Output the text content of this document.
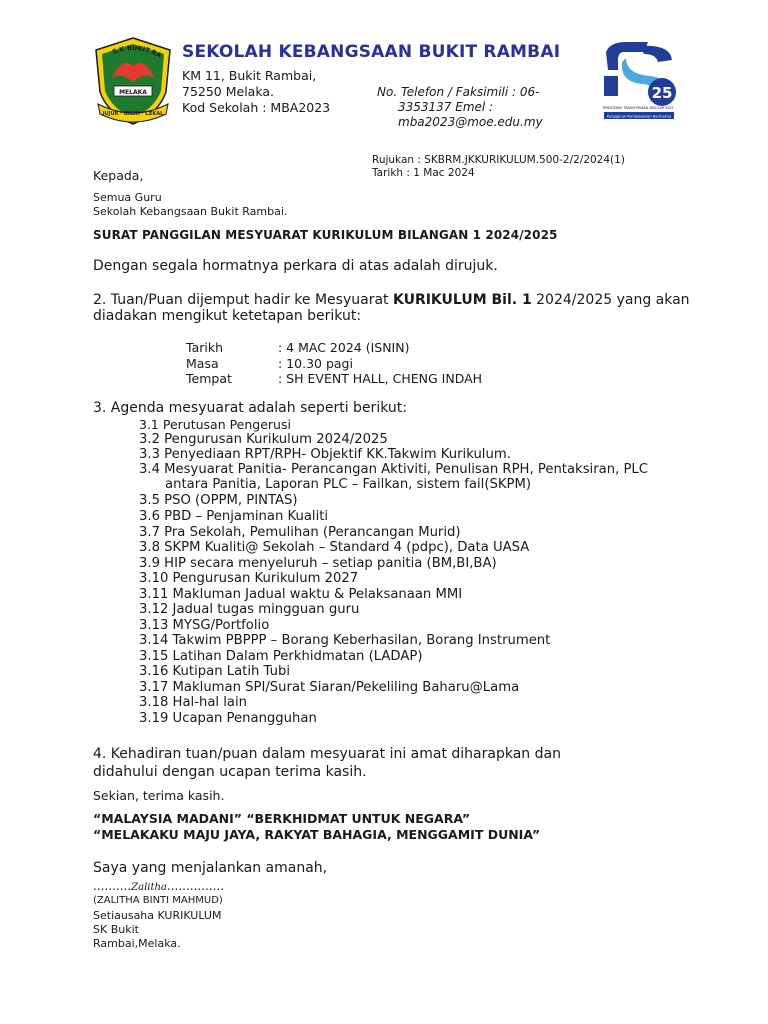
S.K BUKIT RA
MELAKA
JUJUR · GIGIH · CEKAL
25
PENGGERAK TRANSFORMASI SEKOLAH 2025
Penggerak Pembelajaran Bermakna
SEKOLAH KEBANGSAAN BUKIT RAMBAI
KM 11, Bukit Rambai,
75250 Melaka.
Kod Sekolah : MBA2023
No. Telefon / Faksimili : 06-
3353137 Emel :
mba2023@moe.edu.my
Rujukan : SKBRM.JKKURIKULUM.500-2/2/2024(1)
Tarikh : 1 Mac 2024
Kepada,
Semua Guru
Sekolah Kebangsaan Bukit Rambai.
SURAT PANGGILAN MESYUARAT KURIKULUM BILANGAN 1 2024/2025
Dengan segala hormatnya perkara di atas adalah dirujuk.
2. Tuan/Puan dijemput hadir ke Mesyuarat KURIKULUM Bil. 1 2024/2025 yang akan
diadakan mengikut ketetapan berikut:
Tarikh	: 4 MAC 2024 (ISNIN)
Masa	: 10.30 pagi
Tempat	: SH EVENT HALL, CHENG INDAH
3. Agenda mesyuarat adalah seperti berikut:
3.1 Perutusan Pengerusi
3.2 Pengurusan Kurikulum 2024/2025
3.3 Penyediaan RPT/RPH- Objektif KK.Takwim Kurikulum.
3.4 Mesyuarat Panitia- Perancangan Aktiviti, Penulisan RPH, Pentaksiran, PLC
antara Panitia, Laporan PLC – Failkan, sistem fail(SKPM)
3.5 PSO (OPPM, PINTAS)
3.6 PBD – Penjaminan Kualiti
3.7 Pra Sekolah, Pemulihan (Perancangan Murid)
3.8 SKPM Kualiti@ Sekolah – Standard 4 (pdpc), Data UASA
3.9 HIP secara menyeluruh – setiap panitia (BM,BI,BA)
3.10 Pengurusan Kurikulum 2027
3.11 Makluman Jadual waktu & Pelaksanaan MMI
3.12 Jadual tugas mingguan guru
3.13 MYSG/Portfolio
3.14 Takwim PBPPP – Borang Keberhasilan, Borang Instrument
3.15 Latihan Dalam Perkhidmatan (LADAP)
3.16 Kutipan Latih Tubi
3.17 Makluman SPI/Surat Siaran/Pekeliling Baharu@Lama
3.18 Hal-hal lain
3.19 Ucapan Penangguhan
4. Kehadiran tuan/puan dalam mesyuarat ini amat diharapkan dan
didahului dengan ucapan terima kasih.
Sekian, terima kasih.
“MALAYSIA MADANI” “BERKHIDMAT UNTUK NEGARA”
“MELAKAKU MAJU JAYA, RAKYAT BAHAGIA, MENGGAMIT DUNIA”
Saya yang menjalankan amanah,
..........Zalitha...............
(ZALITHA BINTI MAHMUD)
Setiausaha KURIKULUM
SK Bukit
Rambai,Melaka.
